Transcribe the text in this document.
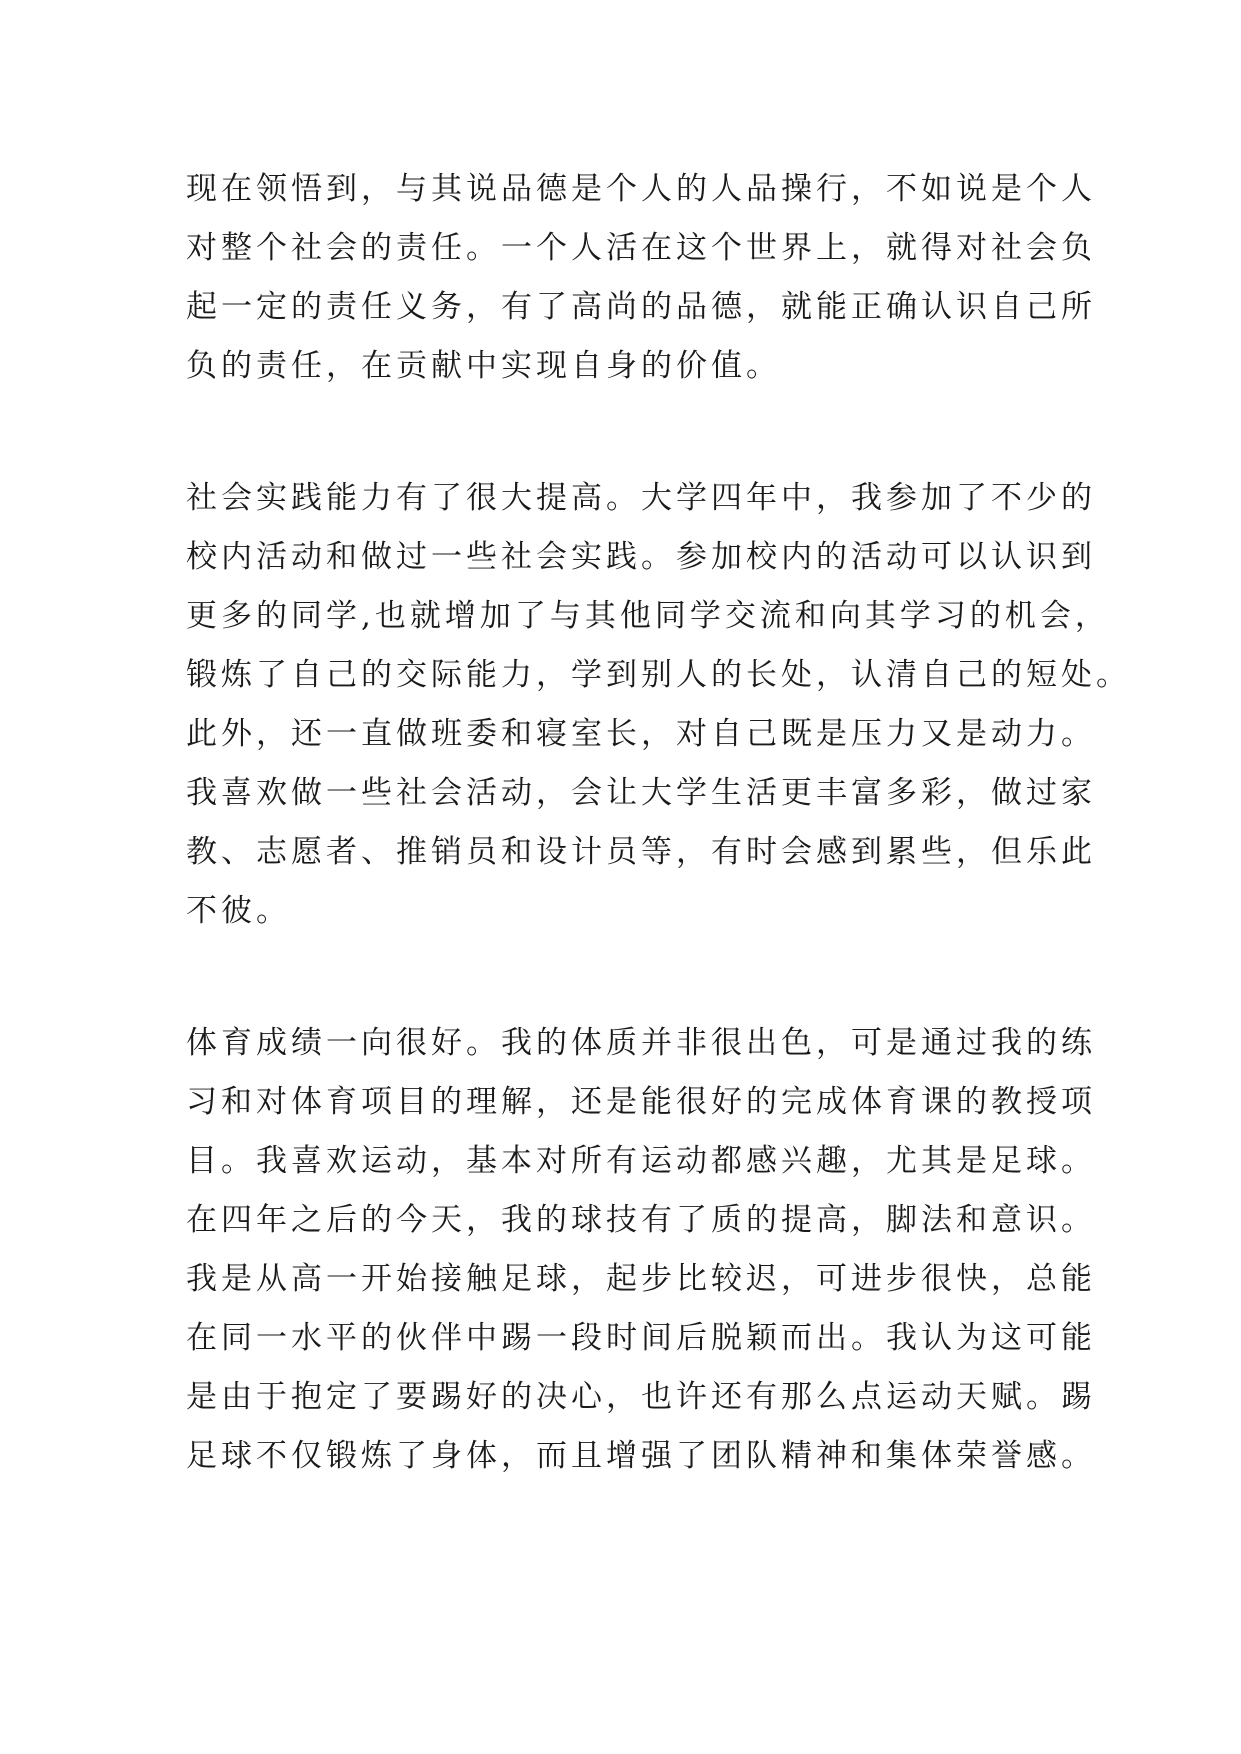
现在领悟到，与其说品德是个人的人品操行，不如说是个人
对整个社会的责任。一个人活在这个世界上，就得对社会负
起一定的责任义务，有了高尚的品德，就能正确认识自己所
负的责任，在贡献中实现自身的价值。
社会实践能力有了很大提高。大学四年中，我参加了不少的
校内活动和做过一些社会实践。参加校内的活动可以认识到
更多的同学,也就增加了与其他同学交流和向其学习的机会，
锻炼了自己的交际能力，学到别人的长处，认清自己的短处。
此外，还一直做班委和寝室长，对自己既是压力又是动力。
我喜欢做一些社会活动，会让大学生活更丰富多彩，做过家
教、志愿者、推销员和设计员等，有时会感到累些，但乐此
不彼。
体育成绩一向很好。我的体质并非很出色，可是通过我的练
习和对体育项目的理解，还是能很好的完成体育课的教授项
目。我喜欢运动，基本对所有运动都感兴趣，尤其是足球。
在四年之后的今天，我的球技有了质的提高，脚法和意识。
我是从高一开始接触足球，起步比较迟，可进步很快，总能
在同一水平的伙伴中踢一段时间后脱颖而出。我认为这可能
是由于抱定了要踢好的决心，也许还有那么点运动天赋。踢
足球不仅锻炼了身体，而且增强了团队精神和集体荣誉感。
